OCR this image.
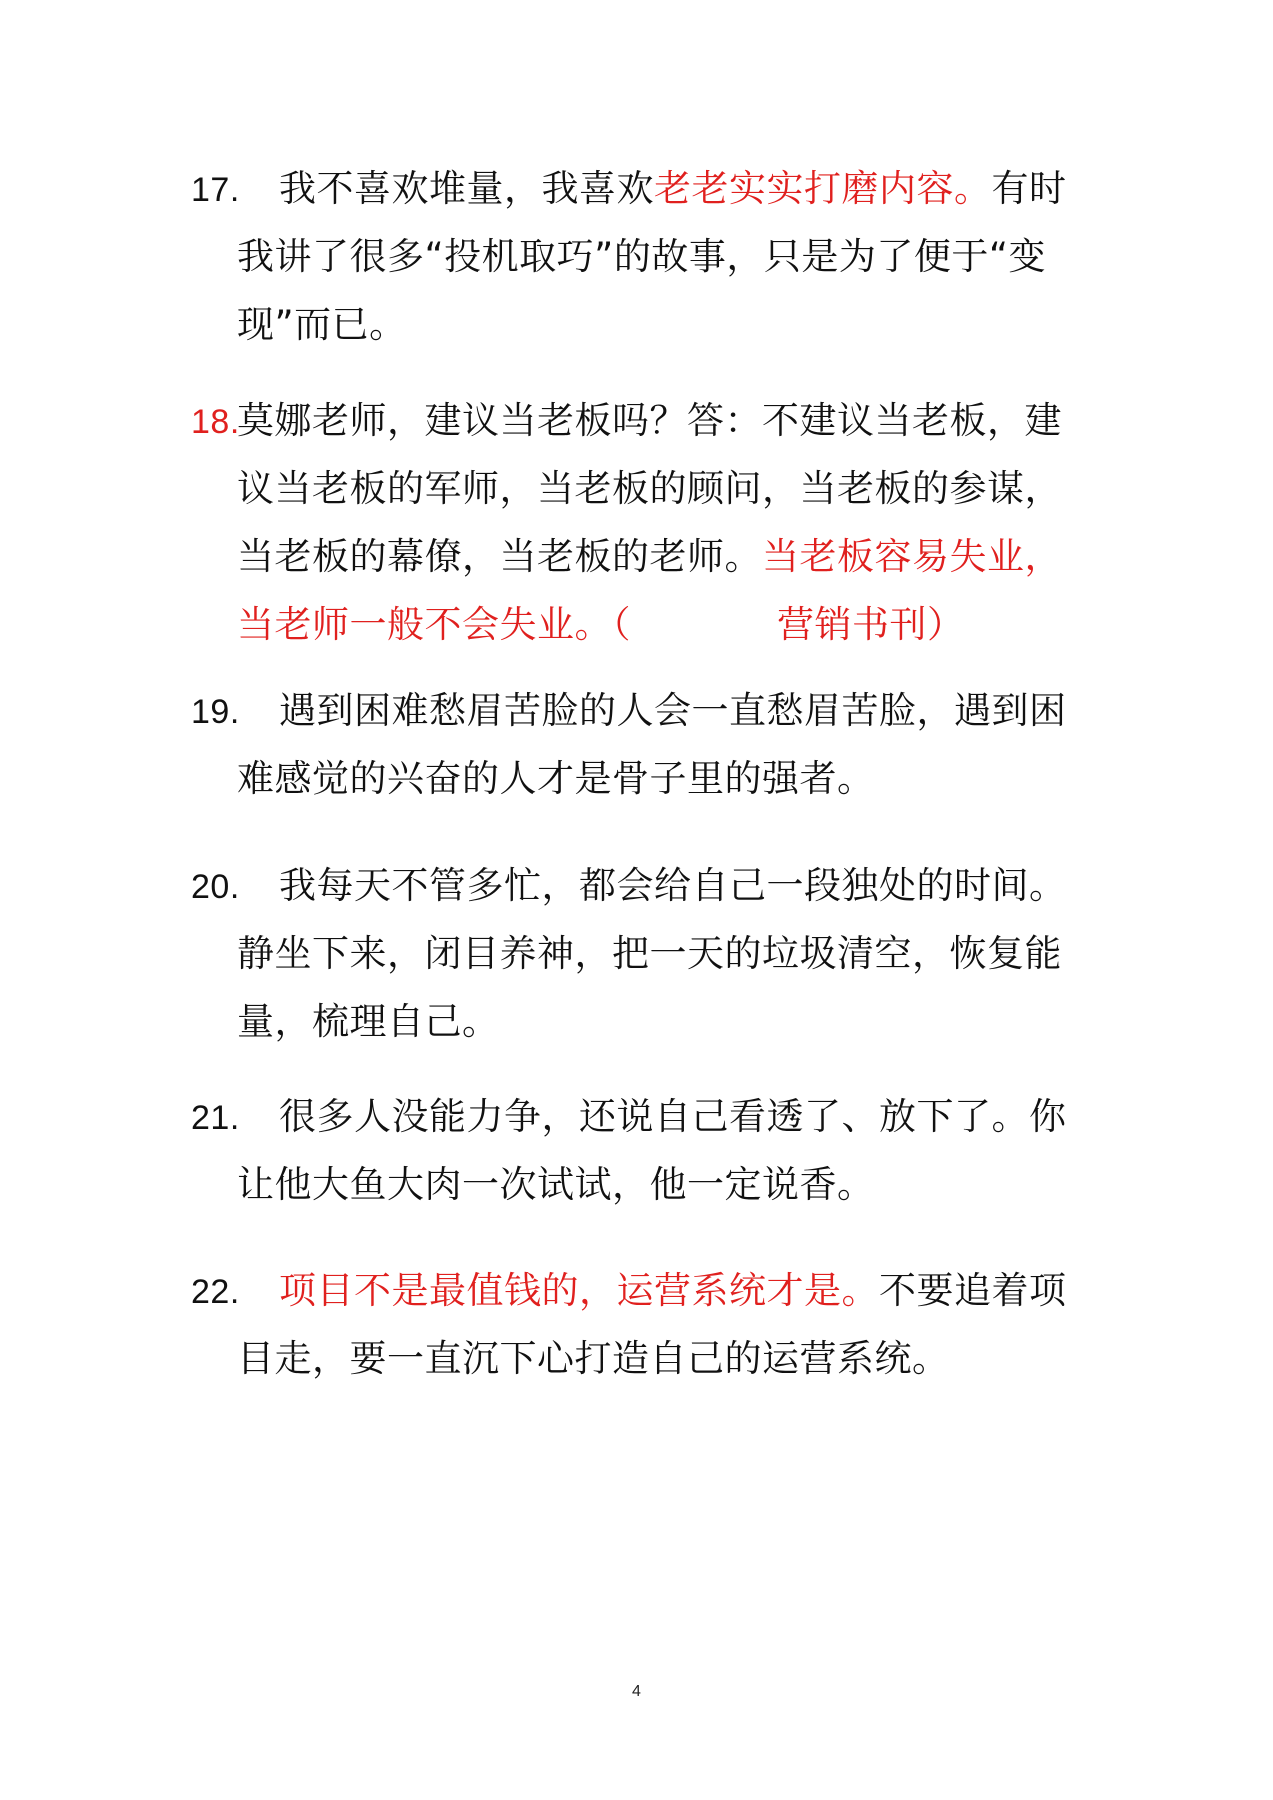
17. 我不喜欢堆量，我喜欢老老实实打磨内容。有时
我讲了很多“投机取巧”的故事，只是为了便于“变
现”而已。
18.莫娜老师，建议当老板吗？答：不建议当老板，建
议当老板的军师，当老板的顾问，当老板的参谋，
当老板的幕僚，当老板的老师。当老板容易失业，
当老师一般不会失业。（	营销书刊）
19. 遇到困难愁眉苦脸的人会一直愁眉苦脸，遇到困
难感觉的兴奋的人才是骨子里的强者。
20. 我每天不管多忙，都会给自己一段独处的时间。
静坐下来，闭目养神，把一天的垃圾清空，恢复能
量，梳理自己。
21. 很多人没能力争，还说自己看透了、放下了。你
让他大鱼大肉一次试试，他一定说香。
22. 项目不是最值钱的，运营系统才是。不要追着项
目走，要一直沉下心打造自己的运营系统。
4
